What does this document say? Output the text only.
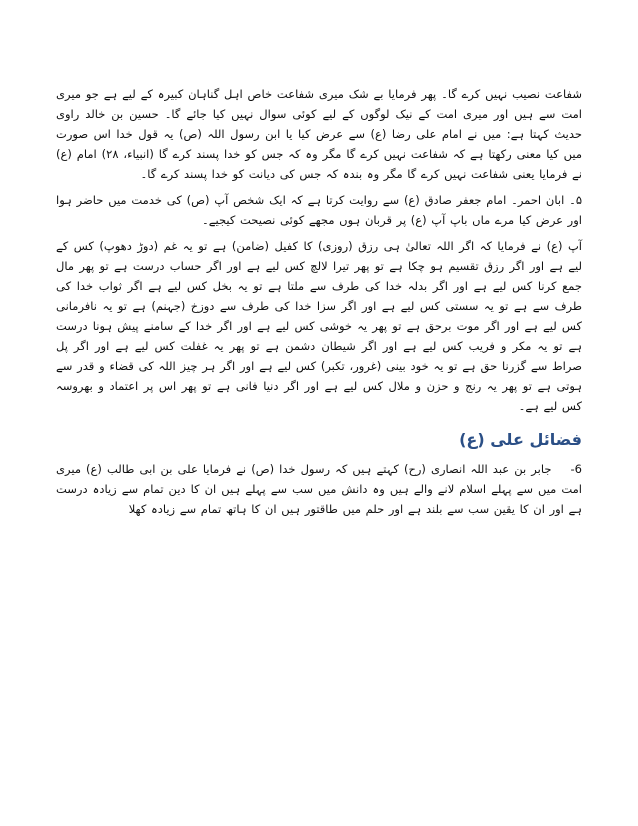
شفاعت نصیب نہیں کرے گا۔ پھر فرمایا بے شک میری شفاعت خاص اہل گناہان کبیرہ کے لیے ہے جو میری امت سے ہیں اور میری امت کے نیک لوگوں کے لیے کوئی سوال نہیں کیا جائے گا۔ حسین بن خالد راوی حدیث کہتا ہے: میں نے امام علی رضا (ع) سے عرض کیا یا ابن رسول اللہ (ص) یہ قول خدا اس صورت میں کیا معنی رکھتا ہے کہ شفاعت نہیں کرے گا مگر وہ کہ جس کو خدا پسند کرے گا (انبیاء، ۲۸) امام (ع) نے فرمایا یعنی شفاعت نہیں کرے گا مگر وہ بندہ کہ جس کی دیانت کو خدا پسند کرے گا۔

۵۔ ابان احمر۔ امام جعفر صادق (ع) سے روایت کرتا ہے کہ ایک شخص آپ (ص) کی خدمت میں حاضر ہوا اور عرض کیا مرے ماں باپ آپ (ع) پر قربان ہوں مجھے کوئی نصیحت کیجیے۔

آپ (ع) نے فرمایا کہ اگر اللہ تعالیٰ ہی رزق (روزی) کا کفیل (ضامن) ہے تو یہ غم (دوڑ دھوپ) کس کے لیے ہے اور اگر رزق تقسیم ہو چکا ہے تو پھر تیرا لالچ کس لیے ہے اور اگر حساب درست ہے تو پھر مال جمع کرنا کس لیے ہے اور اگر بدلہ خدا کی طرف سے ملتا ہے تو یہ بخل کس لیے ہے اگر ثواب خدا کی طرف سے ہے تو یہ سستی کس لیے ہے اور اگر سزا خدا کی طرف سے دوزخ (جہنم) ہے تو یہ نافرمانی کس لیے ہے اور اگر موت برحق ہے تو پھر یہ خوشی کس لیے ہے اور اگر خدا کے سامنے پیش ہونا درست ہے تو یہ مکر و فریب کس لیے ہے اور اگر شیطان دشمن ہے تو پھر یہ غفلت کس لیے ہے اور اگر پل صراط سے گزرنا حق ہے تو یہ خود بینی (غرور، تکبر) کس لیے ہے اور اگر ہر چیز اللہ کی قضاء و قدر سے ہوتی ہے تو پھر یہ رنج و حزن و ملال کس لیے ہے اور اگر دنیا فانی ہے تو پھر اس پر اعتماد و بھروسہ کس لیے ہے۔

فضائل علی (ع)

6- جابر بن عبد اللہ انصاری (رح) کہتے ہیں کہ رسول خدا (ص) نے فرمایا علی بن ابی طالب (ع) میری امت میں سے پہلے اسلام لانے والے ہیں وہ دانش میں سب سے پہلے ہیں ان کا دین تمام سے زیادہ درست ہے اور ان کا یقین سب سے بلند ہے اور حلم میں طاقتور ہیں ان کا ہاتھ تمام سے زیادہ کھلا
